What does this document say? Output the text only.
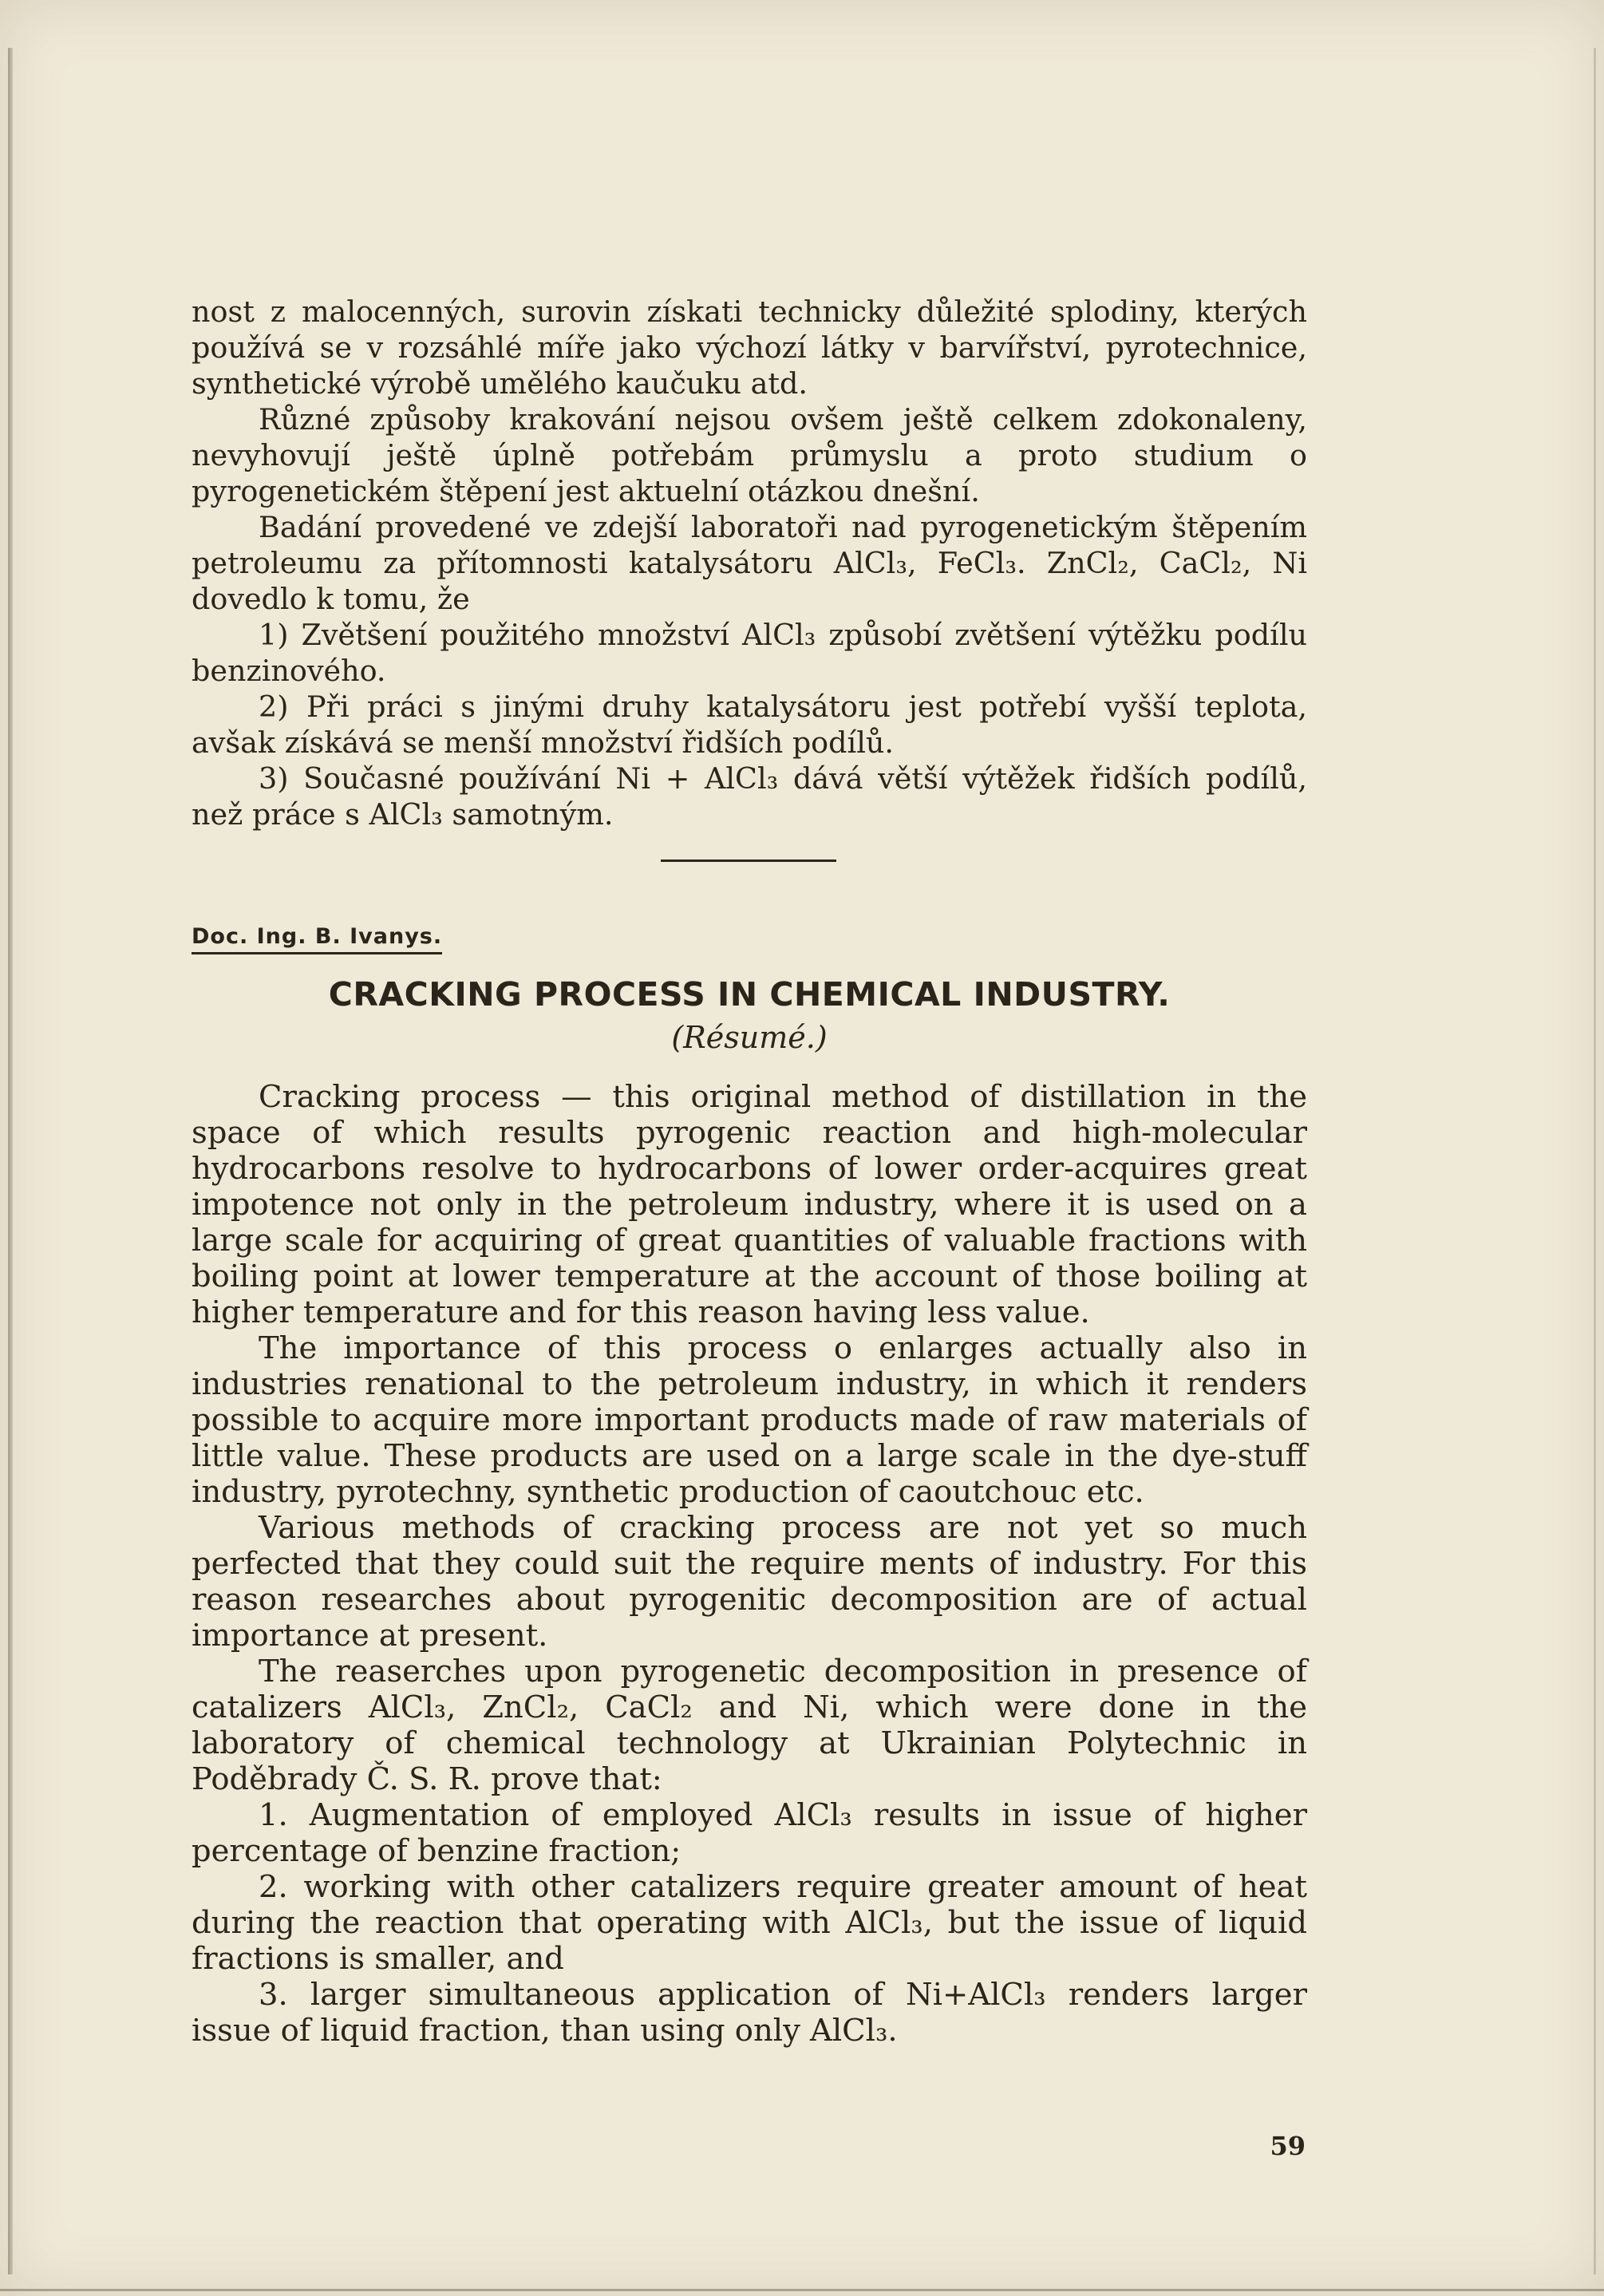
nost z malocenných, surovin získati technicky důležité splodiny, kterých používá se v rozsáhlé míře jako výchozí látky v barvířství, pyrotechnice, synthetické výrobě umělého kaučuku atd.

Různé způsoby krakování nejsou ovšem ještě celkem zdokonaleny, nevyhovují ještě úplně potřebám průmyslu a proto studium o pyrogenetickém štěpení jest aktuelní otázkou dnešní.

Badání provedené ve zdejší laboratoři nad pyrogenetickým štěpením petroleumu za přítomnosti katalysátoru AlCl₃, FeCl₃. ZnCl₂, CaCl₂, Ni dovedlo k tomu, že

1) Zvětšení použitého množství AlCl₃ způsobí zvětšení výtěžku podílu benzinového.

2) Při práci s jinými druhy katalysátoru jest potřebí vyšší teplota, avšak získává se menší množství řidších podílů.

3) Současné používání Ni + AlCl₃ dává větší výtěžek řidších podílů, než práce s AlCl₃ samotným.

Doc. Ing. B. Ivanys.
CRACKING PROCESS IN CHEMICAL INDUSTRY.
(Résumé.)

Cracking process — this original method of distillation in the space of which results pyrogenic reaction and high-molecular hydrocarbons resolve to hydrocarbons of lower order-acquires great impotence not only in the petroleum industry, where it is used on a large scale for acquiring of great quantities of valuable fractions with boiling point at lower temperature at the account of those boiling at higher temperature and for this reason having less value.

The importance of this process o enlarges actually also in industries renational to the petroleum industry, in which it renders possible to acquire more important products made of raw materials of little value. These products are used on a large scale in the dye-stuff industry, pyrotechny, synthetic production of caoutchouc etc.

Various methods of cracking process are not yet so much perfected that they could suit the require ments of industry. For this reason researches about pyrogenitic decomposition are of actual importance at present.

The reaserches upon pyrogenetic decomposition in presence of catalizers AlCl₃, ZnCl₂, CaCl₂ and Ni, which were done in the laboratory of chemical technology at Ukrainian Polytechnic in Poděbrady Č. S. R. prove that:

1. Augmentation of employed AlCl₃ results in issue of higher percentage of benzine fraction;

2. working with other catalizers require greater amount of heat during the reaction that operating with AlCl₃, but the issue of liquid fractions is smaller, and

3. larger simultaneous application of Ni+AlCl₃ renders larger issue of liquid fraction, than using only AlCl₃.

59
